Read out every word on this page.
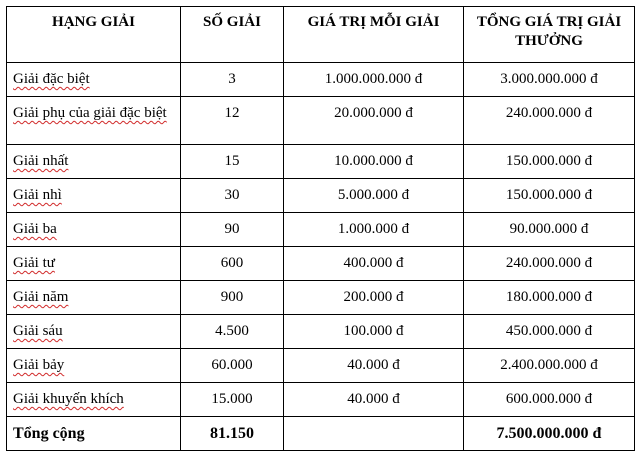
HẠNG GIẢI	SỐ GIẢI	GIÁ TRỊ MỖI GIẢI	TỔNG GIÁ TRỊ GIẢI THƯỞNG
Giải đặc biệt	3	1.000.000.000 đ	3.000.000.000 đ
Giải phụ của giải đặc biệt	12	20.000.000 đ	240.000.000 đ
Giải nhất	15	10.000.000 đ	150.000.000 đ
Giải nhì	30	5.000.000 đ	150.000.000 đ
Giải ba	90	1.000.000 đ	90.000.000 đ
Giải tư	600	400.000 đ	240.000.000 đ
Giải năm	900	200.000 đ	180.000.000 đ
Giải sáu	4.500	100.000 đ	450.000.000 đ
Giải bảy	60.000	40.000 đ	2.400.000.000 đ
Giải khuyến khích	15.000	40.000 đ	600.000.000 đ
Tổng cộng	81.150		7.500.000.000 đ
